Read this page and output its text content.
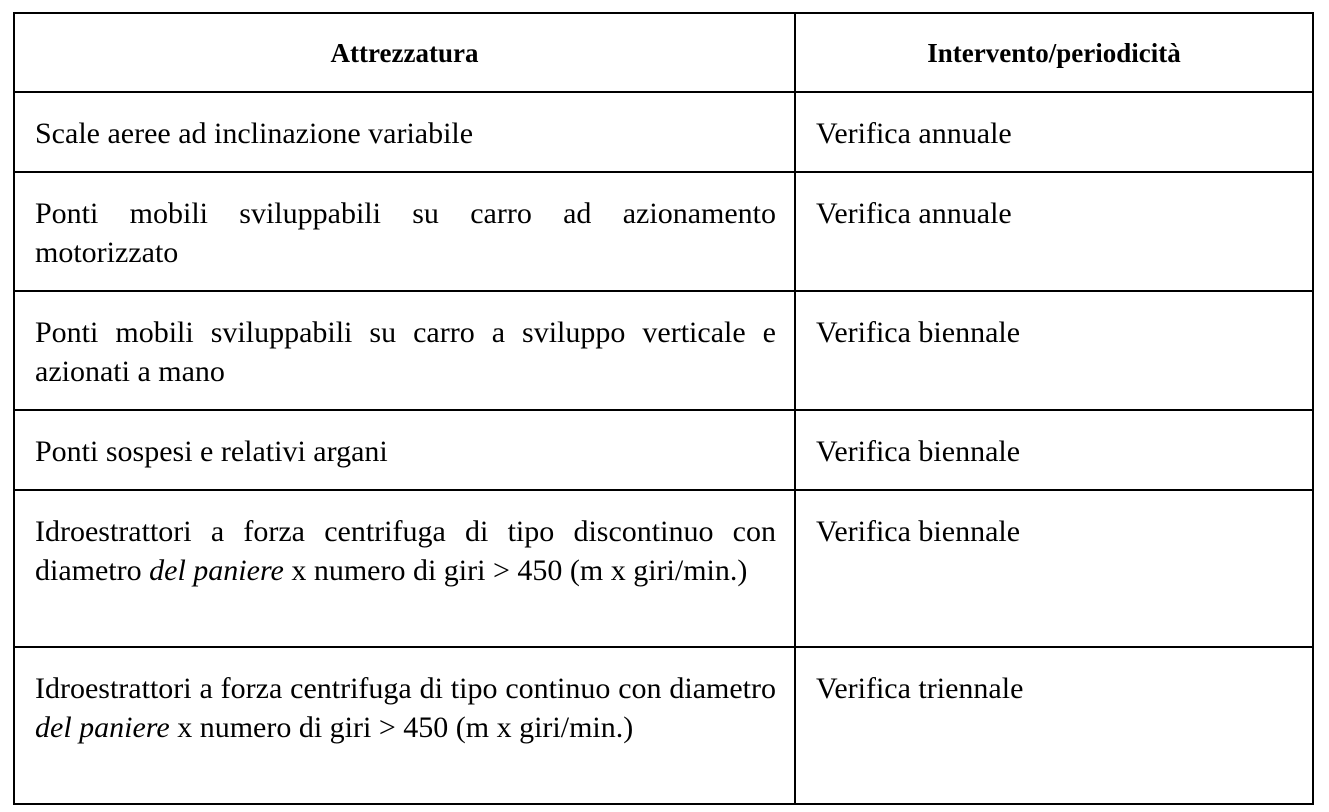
Attrezzatura	Intervento/periodicità
Scale aeree ad inclinazione variabile	Verifica annuale
Ponti mobili sviluppabili su carro ad azionamento motorizzato	Verifica annuale
Ponti mobili sviluppabili su carro a sviluppo verticale e azionati a mano	Verifica biennale
Ponti sospesi e relativi argani	Verifica biennale
Idroestrattori a forza centrifuga di tipo discontinuo con diametro del paniere x numero di giri > 450 (m x giri/min.)	Verifica biennale
Idroestrattori a forza centrifuga di tipo continuo con diametro del paniere x numero di giri > 450 (m x giri/min.)	Verifica triennale
